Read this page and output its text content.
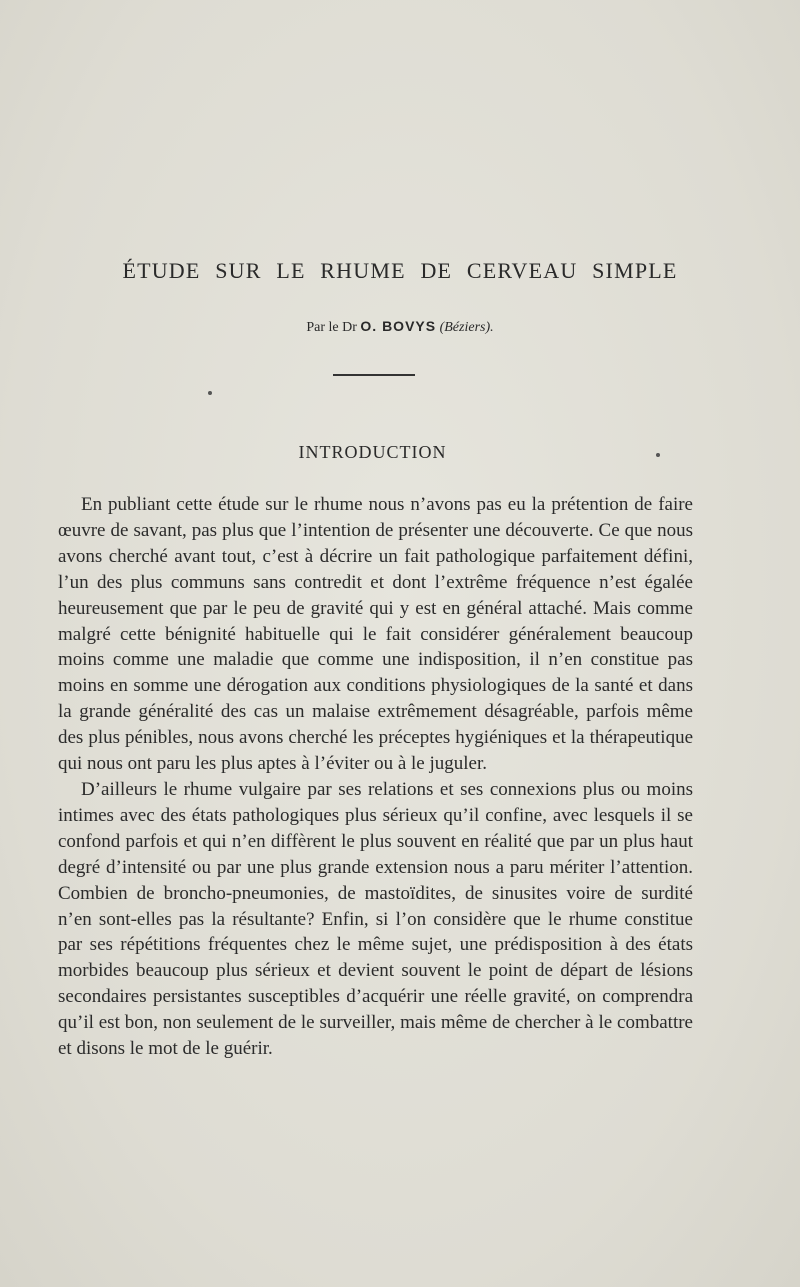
ÉTUDE SUR LE RHUME DE CERVEAU SIMPLE
Par le Dr O. BOVYS (Béziers).
INTRODUCTION

En publiant cette étude sur le rhume nous n’avons pas eu la prétention de faire œuvre de savant, pas plus que l’intention de présenter une découverte. Ce que nous avons cherché avant tout, c’est à décrire un fait pathologique parfaitement défini, l’un des plus communs sans contredit et dont l’extrême fréquence n’est égalée heureusement que par le peu de gravité qui y est en général attaché. Mais comme malgré cette bénignité habituelle qui le fait considérer généralement beaucoup moins comme une maladie que comme une indisposition, il n’en constitue pas moins en somme une dérogation aux conditions physiologiques de la santé et dans la grande généralité des cas un malaise extrêmement désagréable, parfois même des plus pénibles, nous avons cherché les préceptes hygiéniques et la thérapeutique qui nous ont paru les plus aptes à l’éviter ou à le juguler.

D’ailleurs le rhume vulgaire par ses relations et ses connexions plus ou moins intimes avec des états pathologiques plus sérieux qu’il confine, avec lesquels il se confond parfois et qui n’en diffèrent le plus souvent en réalité que par un plus haut degré d’intensité ou par une plus grande extension nous a paru mériter l’attention. Combien de broncho-pneumonies, de mastoïdites, de sinusites voire de surdité n’en sont-elles pas la résultante? Enfin, si l’on considère que le rhume constitue par ses répétitions fréquentes chez le même sujet, une prédisposition à des états morbides beaucoup plus sérieux et devient souvent le point de départ de lésions secondaires persistantes susceptibles d’acquérir une réelle gravité, on comprendra qu’il est bon, non seulement de le surveiller, mais même de chercher à le combattre et disons le mot de le guérir.
